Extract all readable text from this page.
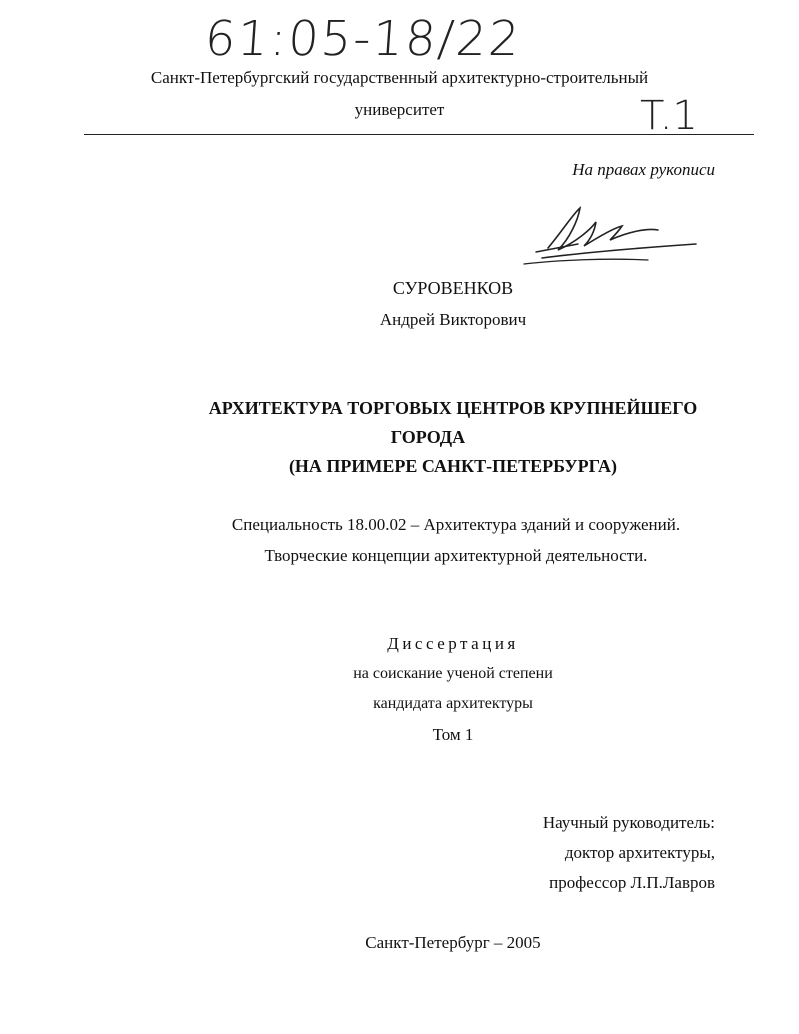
61:05-18/22
Санкт-Петербургский государственный архитектурно-строительный
университет	T.1
На правах рукописи
СУРОВЕНКОВ
Андрей Викторович
АРХИТЕКТУРА ТОРГОВЫХ ЦЕНТРОВ КРУПНЕЙШЕГО
ГОРОДА
(НА ПРИМЕРЕ САНКТ-ПЕТЕРБУРГА)
Специальность 18.00.02 – Архитектура зданий и сооружений.
Творческие концепции архитектурной деятельности.
Диссертация
на соискание ученой степени
кандидата архитектуры
Том 1
Научный руководитель:
доктор архитектуры,
профессор Л.П.Лавров
Санкт-Петербург – 2005
